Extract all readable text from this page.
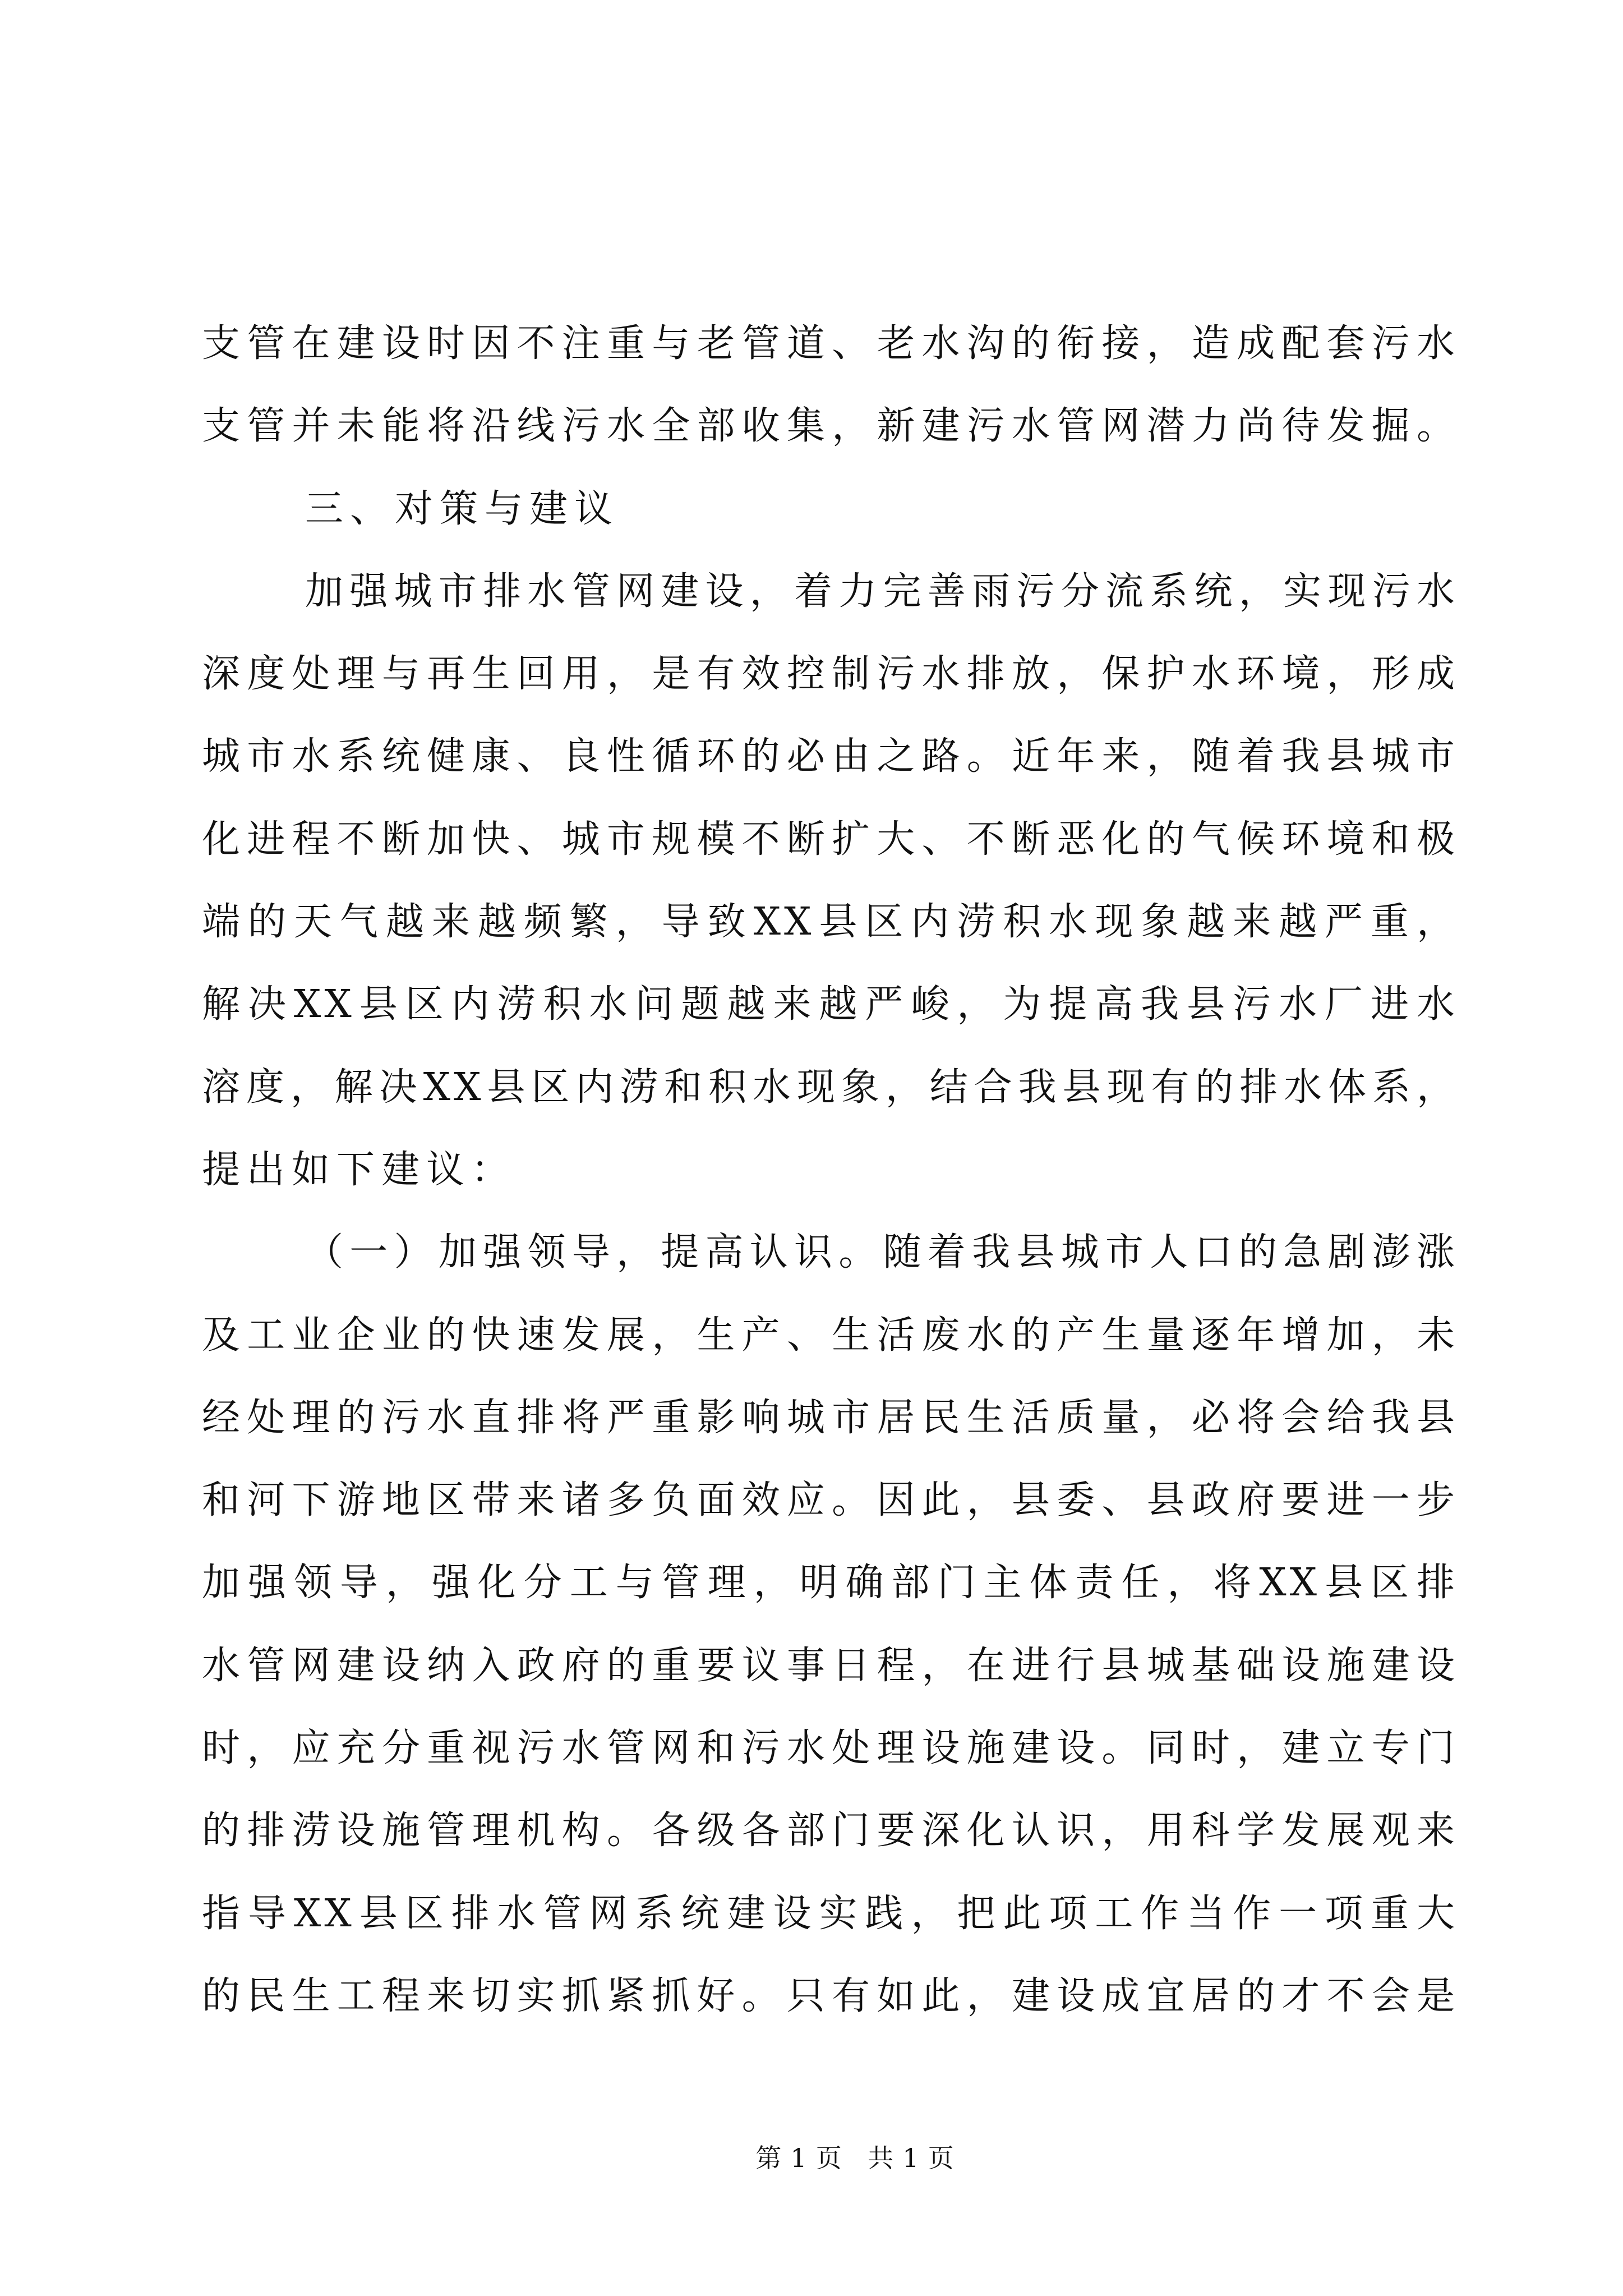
支管在建设时因不注重与老管道、老水沟的衔接，造成配套污水
支管并未能将沿线污水全部收集，新建污水管网潜力尚待发掘。
三、对策与建议
加强城市排水管网建设，着力完善雨污分流系统，实现污水
深度处理与再生回用，是有效控制污水排放，保护水环境，形成
城市水系统健康、良性循环的必由之路。近年来，随着我县城市
化进程不断加快、城市规模不断扩大、不断恶化的气候环境和极
端的天气越来越频繁，导致XX县区内涝积水现象越来越严重，
解决XX县区内涝积水问题越来越严峻，为提高我县污水厂进水
溶度，解决XX县区内涝和积水现象，结合我县现有的排水体系，
提出如下建议：
（一）加强领导，提高认识。随着我县城市人口的急剧澎涨
及工业企业的快速发展，生产、生活废水的产生量逐年增加，未
经处理的污水直排将严重影响城市居民生活质量，必将会给我县
和河下游地区带来诸多负面效应。因此，县委、县政府要进一步
加强领导，强化分工与管理，明确部门主体责任，将XX县区排
水管网建设纳入政府的重要议事日程，在进行县城基础设施建设
时，应充分重视污水管网和污水处理设施建设。同时，建立专门
的排涝设施管理机构。各级各部门要深化认识，用科学发展观来
指导XX县区排水管网系统建设实践，把此项工作当作一项重大
的民生工程来切实抓紧抓好。只有如此，建设成宜居的才不会是
第1页 共1页
